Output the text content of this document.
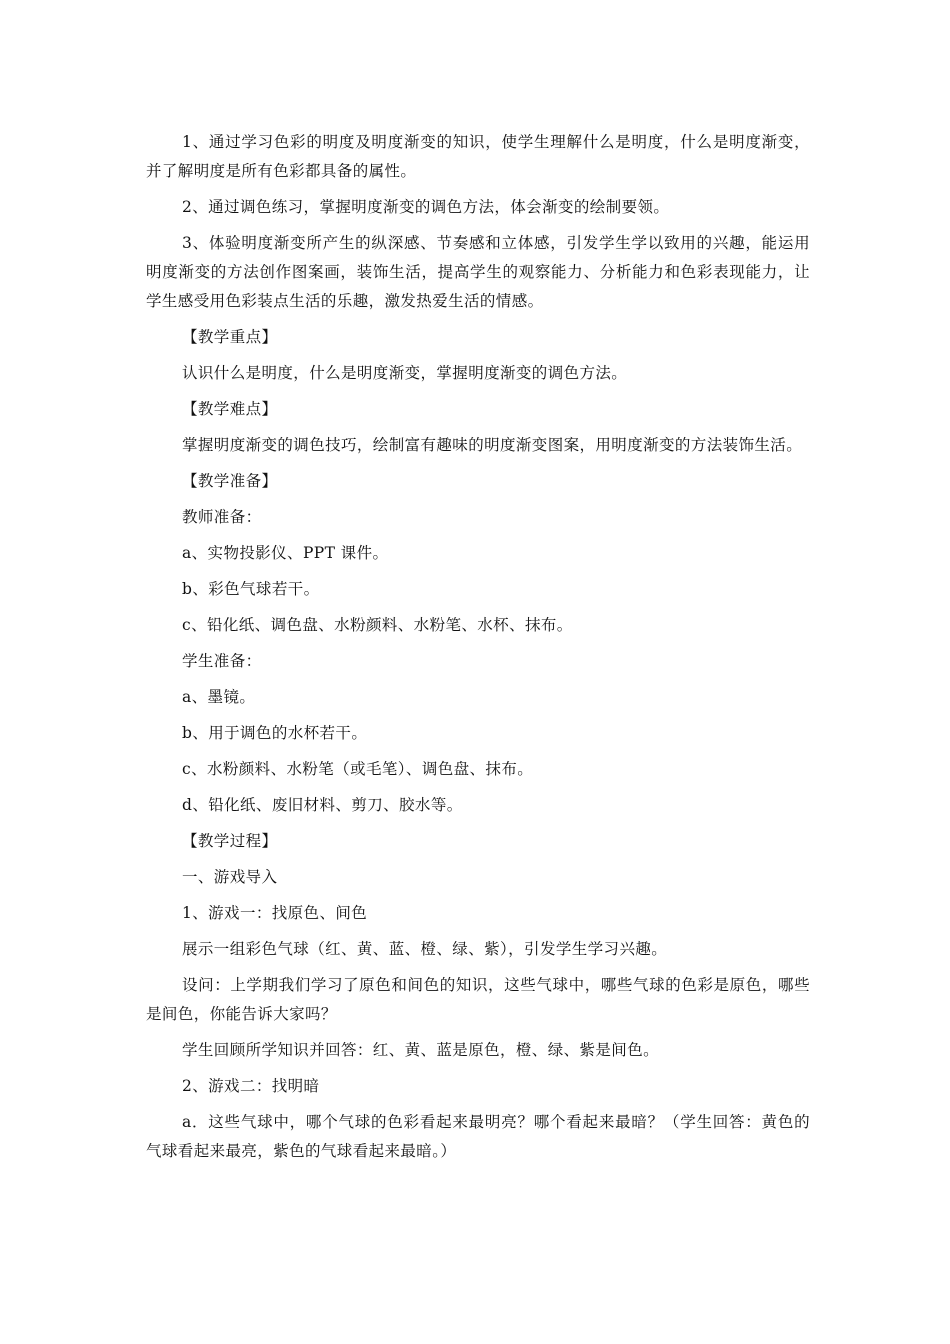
1、通过学习色彩的明度及明度渐变的知识，使学生理解什么是明度，什么是明度渐变，并了解明度是所有色彩都具备的属性。

2、通过调色练习，掌握明度渐变的调色方法，体会渐变的绘制要领。

3、体验明度渐变所产生的纵深感、节奏感和立体感，引发学生学以致用的兴趣，能运用明度渐变的方法创作图案画，装饰生活，提高学生的观察能力、分析能力和色彩表现能力，让学生感受用色彩装点生活的乐趣，激发热爱生活的情感。

【教学重点】

认识什么是明度，什么是明度渐变，掌握明度渐变的调色方法。

【教学难点】

掌握明度渐变的调色技巧，绘制富有趣味的明度渐变图案，用明度渐变的方法装饰生活。

【教学准备】

教师准备：

a、实物投影仪、PPT 课件。

b、彩色气球若干。

c、铅化纸、调色盘、水粉颜料、水粉笔、水杯、抹布。

学生准备：

a、墨镜。

b、用于调色的水杯若干。

c、水粉颜料、水粉笔（或毛笔）、调色盘、抹布。

d、铅化纸、废旧材料、剪刀、胶水等。

【教学过程】

一、游戏导入

1、游戏一：找原色、间色

展示一组彩色气球（红、黄、蓝、橙、绿、紫），引发学生学习兴趣。

设问：上学期我们学习了原色和间色的知识，这些气球中，哪些气球的色彩是原色，哪些是间色，你能告诉大家吗？

学生回顾所学知识并回答：红、黄、蓝是原色，橙、绿、紫是间色。

2、游戏二：找明暗

a．这些气球中，哪个气球的色彩看起来最明亮？哪个看起来最暗？（学生回答：黄色的气球看起来最亮，紫色的气球看起来最暗。）
